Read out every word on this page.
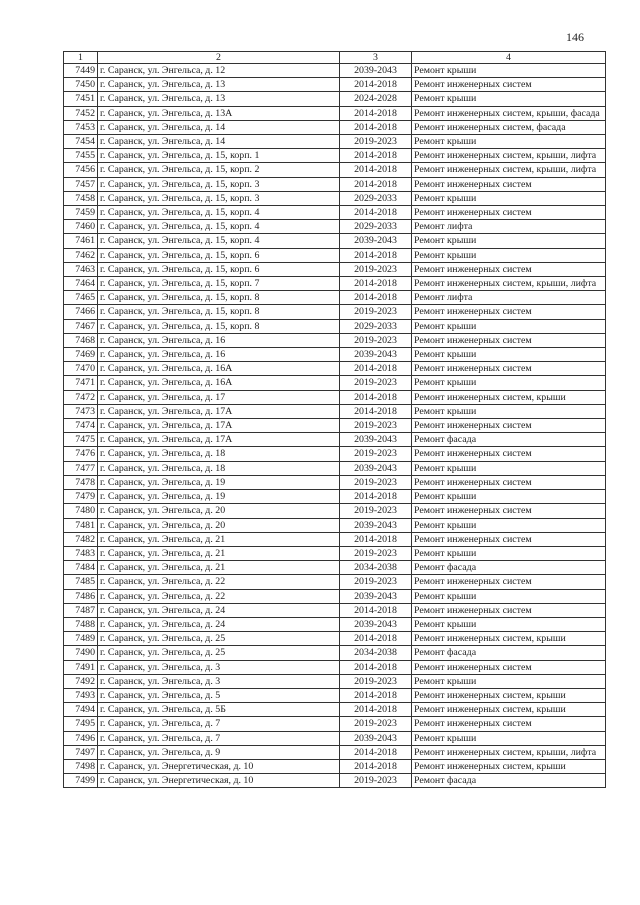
146
1	2	3	4
7449	г. Саранск, ул. Энгельса, д. 12	2039-2043	Ремонт крыши
7450	г. Саранск, ул. Энгельса, д. 13	2014-2018	Ремонт инженерных систем
7451	г. Саранск, ул. Энгельса, д. 13	2024-2028	Ремонт крыши
7452	г. Саранск, ул. Энгельса, д. 13А	2014-2018	Ремонт инженерных систем, крыши, фасада
7453	г. Саранск, ул. Энгельса, д. 14	2014-2018	Ремонт инженерных систем, фасада
7454	г. Саранск, ул. Энгельса, д. 14	2019-2023	Ремонт крыши
7455	г. Саранск, ул. Энгельса, д. 15, корп. 1	2014-2018	Ремонт инженерных систем, крыши, лифта
7456	г. Саранск, ул. Энгельса, д. 15, корп. 2	2014-2018	Ремонт инженерных систем, крыши, лифта
7457	г. Саранск, ул. Энгельса, д. 15, корп. 3	2014-2018	Ремонт инженерных систем
7458	г. Саранск, ул. Энгельса, д. 15, корп. 3	2029-2033	Ремонт крыши
7459	г. Саранск, ул. Энгельса, д. 15, корп. 4	2014-2018	Ремонт инженерных систем
7460	г. Саранск, ул. Энгельса, д. 15, корп. 4	2029-2033	Ремонт лифта
7461	г. Саранск, ул. Энгельса, д. 15, корп. 4	2039-2043	Ремонт крыши
7462	г. Саранск, ул. Энгельса, д. 15, корп. 6	2014-2018	Ремонт крыши
7463	г. Саранск, ул. Энгельса, д. 15, корп. 6	2019-2023	Ремонт инженерных систем
7464	г. Саранск, ул. Энгельса, д. 15, корп. 7	2014-2018	Ремонт инженерных систем, крыши, лифта
7465	г. Саранск, ул. Энгельса, д. 15, корп. 8	2014-2018	Ремонт лифта
7466	г. Саранск, ул. Энгельса, д. 15, корп. 8	2019-2023	Ремонт инженерных систем
7467	г. Саранск, ул. Энгельса, д. 15, корп. 8	2029-2033	Ремонт крыши
7468	г. Саранск, ул. Энгельса, д. 16	2019-2023	Ремонт инженерных систем
7469	г. Саранск, ул. Энгельса, д. 16	2039-2043	Ремонт крыши
7470	г. Саранск, ул. Энгельса, д. 16А	2014-2018	Ремонт инженерных систем
7471	г. Саранск, ул. Энгельса, д. 16А	2019-2023	Ремонт крыши
7472	г. Саранск, ул. Энгельса, д. 17	2014-2018	Ремонт инженерных систем, крыши
7473	г. Саранск, ул. Энгельса, д. 17А	2014-2018	Ремонт крыши
7474	г. Саранск, ул. Энгельса, д. 17А	2019-2023	Ремонт инженерных систем
7475	г. Саранск, ул. Энгельса, д. 17А	2039-2043	Ремонт фасада
7476	г. Саранск, ул. Энгельса, д. 18	2019-2023	Ремонт инженерных систем
7477	г. Саранск, ул. Энгельса, д. 18	2039-2043	Ремонт крыши
7478	г. Саранск, ул. Энгельса, д. 19	2019-2023	Ремонт инженерных систем
7479	г. Саранск, ул. Энгельса, д. 19	2014-2018	Ремонт крыши
7480	г. Саранск, ул. Энгельса, д. 20	2019-2023	Ремонт инженерных систем
7481	г. Саранск, ул. Энгельса, д. 20	2039-2043	Ремонт крыши
7482	г. Саранск, ул. Энгельса, д. 21	2014-2018	Ремонт инженерных систем
7483	г. Саранск, ул. Энгельса, д. 21	2019-2023	Ремонт крыши
7484	г. Саранск, ул. Энгельса, д. 21	2034-2038	Ремонт фасада
7485	г. Саранск, ул. Энгельса, д. 22	2019-2023	Ремонт инженерных систем
7486	г. Саранск, ул. Энгельса, д. 22	2039-2043	Ремонт крыши
7487	г. Саранск, ул. Энгельса, д. 24	2014-2018	Ремонт инженерных систем
7488	г. Саранск, ул. Энгельса, д. 24	2039-2043	Ремонт крыши
7489	г. Саранск, ул. Энгельса, д. 25	2014-2018	Ремонт инженерных систем, крыши
7490	г. Саранск, ул. Энгельса, д. 25	2034-2038	Ремонт фасада
7491	г. Саранск, ул. Энгельса, д. 3	2014-2018	Ремонт инженерных систем
7492	г. Саранск, ул. Энгельса, д. 3	2019-2023	Ремонт крыши
7493	г. Саранск, ул. Энгельса, д. 5	2014-2018	Ремонт инженерных систем, крыши
7494	г. Саранск, ул. Энгельса, д. 5Б	2014-2018	Ремонт инженерных систем, крыши
7495	г. Саранск, ул. Энгельса, д. 7	2019-2023	Ремонт инженерных систем
7496	г. Саранск, ул. Энгельса, д. 7	2039-2043	Ремонт крыши
7497	г. Саранск, ул. Энгельса, д. 9	2014-2018	Ремонт инженерных систем, крыши, лифта
7498	г. Саранск, ул. Энергетическая, д. 10	2014-2018	Ремонт инженерных систем, крыши
7499	г. Саранск, ул. Энергетическая, д. 10	2019-2023	Ремонт фасада
